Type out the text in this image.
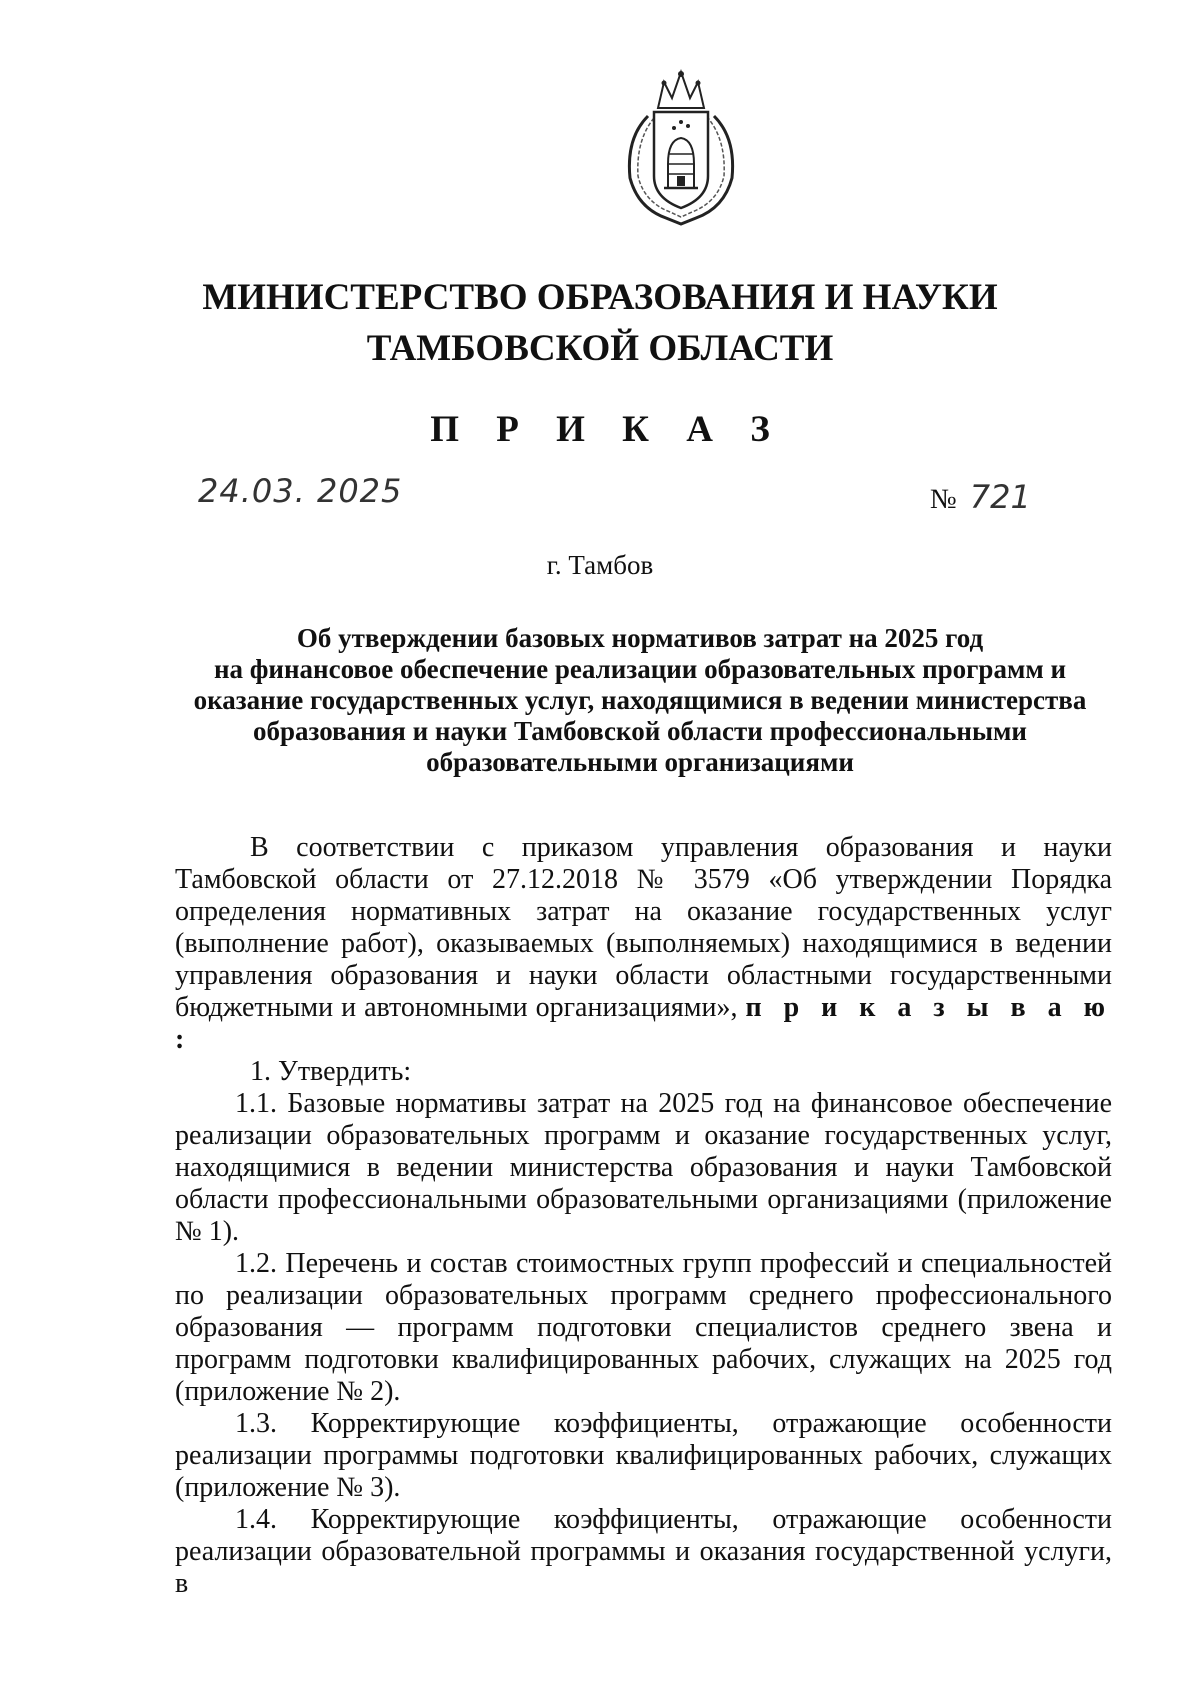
МИНИСТЕРСТВО ОБРАЗОВАНИЯ И НАУКИ
ТАМБОВСКОЙ ОБЛАСТИ
П Р И К А З
24.03. 2025	№ 721
г. Тамбов
Об утверждении базовых нормативов затрат на 2025 год
на финансовое обеспечение реализации образовательных программ и
оказание государственных услуг, находящимися в ведении министерства
образования и науки Тамбовской области профессиональными
образовательными организациями

В соответствии с приказом управления образования и науки Тамбовской области от 27.12.2018 № 3579 «Об утверждении Порядка определения нормативных затрат на оказание государственных услуг (выполнение работ), оказываемых (выполняемых) находящимися в ведении управления образования и науки области областными государственными бюджетными и автономными организациями», п р и к а з ы в а ю :

1. Утвердить:

1.1. Базовые нормативы затрат на 2025 год на финансовое обеспечение реализации образовательных программ и оказание государственных услуг, находящимися в ведении министерства образования и науки Тамбовской области профессиональными образовательными организациями (приложение № 1).

1.2. Перечень и состав стоимостных групп профессий и специальностей по реализации образовательных программ среднего профессионального образования — программ подготовки специалистов среднего звена и программ подготовки квалифицированных рабочих, служащих на 2025 год (приложение № 2).

1.3. Корректирующие коэффициенты, отражающие особенности реализации программы подготовки квалифицированных рабочих, служащих (приложение № 3).

1.4. Корректирующие коэффициенты, отражающие особенности реализации образовательной программы и оказания государственной услуги, в
